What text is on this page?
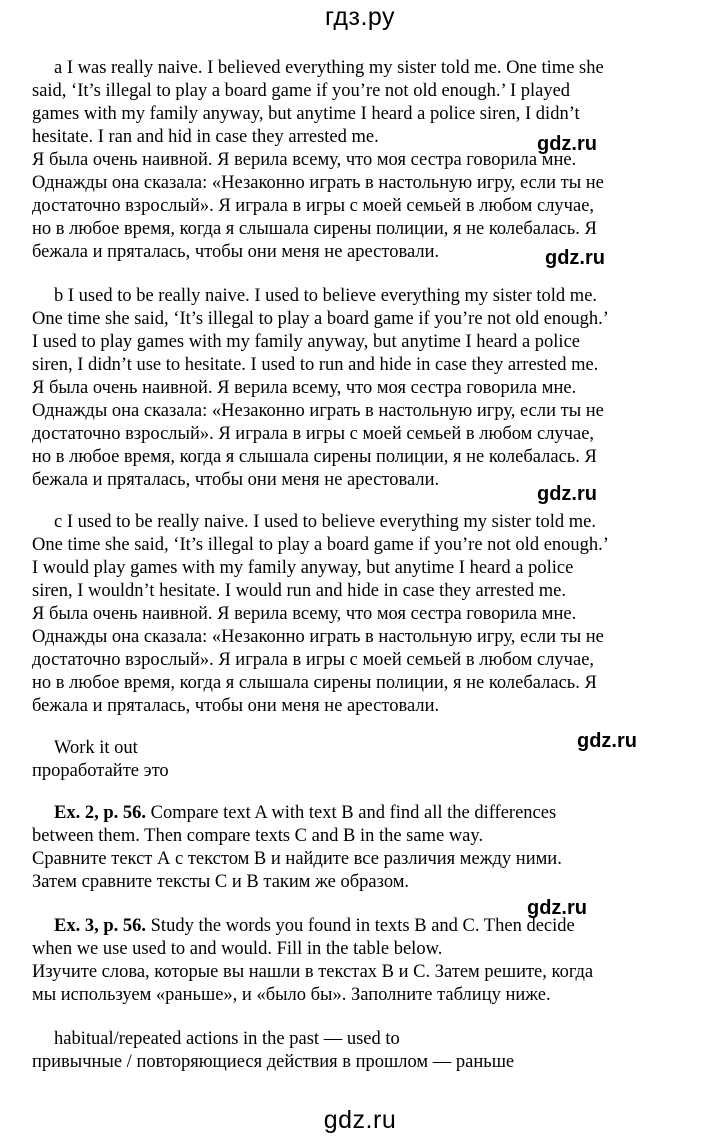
гдз.ру
gdz.ru
gdz.ru
gdz.ru
gdz.ru
gdz.ru
a I was really naive. I believed everything my sister told me. One time she
said, ‘It’s illegal to play a board game if you’re not old enough.’ I played
games with my family anyway, but anytime I heard a police siren, I didn’t
hesitate. I ran and hid in case they arrested me.
Я была очень наивной. Я верила всему, что моя сестра говорила мне.
Однажды она сказала: «Незаконно играть в настольную игру, если ты не
достаточно взрослый». Я играла в игры с моей семьей в любом случае,
но в любое время, когда я слышала сирены полиции, я не колебалась. Я
бежала и пряталась, чтобы они меня не арестовали.
b I used to be really naive. I used to believe everything my sister told me.
One time she said, ‘It’s illegal to play a board game if you’re not old enough.’
I used to play games with my family anyway, but anytime I heard a police
siren, I didn’t use to hesitate. I used to run and hide in case they arrested me.
Я была очень наивной. Я верила всему, что моя сестра говорила мне.
Однажды она сказала: «Незаконно играть в настольную игру, если ты не
достаточно взрослый». Я играла в игры с моей семьей в любом случае,
но в любое время, когда я слышала сирены полиции, я не колебалась. Я
бежала и пряталась, чтобы они меня не арестовали.
c I used to be really naive. I used to believe everything my sister told me.
One time she said, ‘It’s illegal to play a board game if you’re not old enough.’
I would play games with my family anyway, but anytime I heard a police
siren, I wouldn’t hesitate. I would run and hide in case they arrested me.
Я была очень наивной. Я верила всему, что моя сестра говорила мне.
Однажды она сказала: «Незаконно играть в настольную игру, если ты не
достаточно взрослый». Я играла в игры с моей семьей в любом случае,
но в любое время, когда я слышала сирены полиции, я не колебалась. Я
бежала и пряталась, чтобы они меня не арестовали.
Work it out
проработайте это
Ex. 2, p. 56. Compare text A with text B and find all the differences
between them. Then compare texts C and B in the same way.
Сравните текст А с текстом В и найдите все различия между ними.
Затем сравните тексты С и В таким же образом.
Ex. 3, p. 56. Study the words you found in texts B and C. Then decide
when we use used to and would. Fill in the table below.
Изучите слова, которые вы нашли в текстах В и С. Затем решите, когда
мы используем «раньше», и «было бы». Заполните таблицу ниже.
habitual/repeated actions in the past — used to
привычные / повторяющиеся действия в прошлом — раньше
gdz.ru
